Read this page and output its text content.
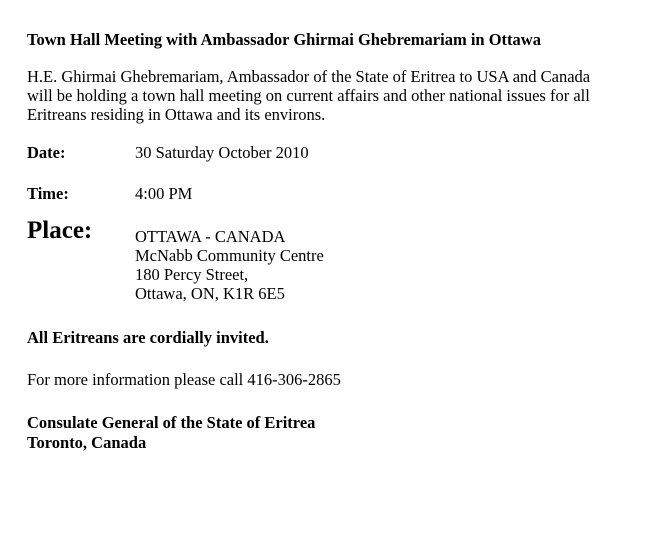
Town Hall Meeting with Ambassador Ghirmai Ghebremariam in Ottawa

H.E. Ghirmai Ghebremariam, Ambassador of the State of Eritrea to USA and Canada
will be holding a town hall meeting on current affairs and other national issues for all
Eritreans residing in Ottawa and its environs.

Date:	30 Saturday October 2010
Time:	4:00 PM
Place:	OTTAWA - CANADA
McNabb Community Centre
180 Percy Street,
Ottawa, ON, K1R 6E5

All Eritreans are cordially invited.

For more information please call 416-306-2865

Consulate General of the State of Eritrea
Toronto, Canada
